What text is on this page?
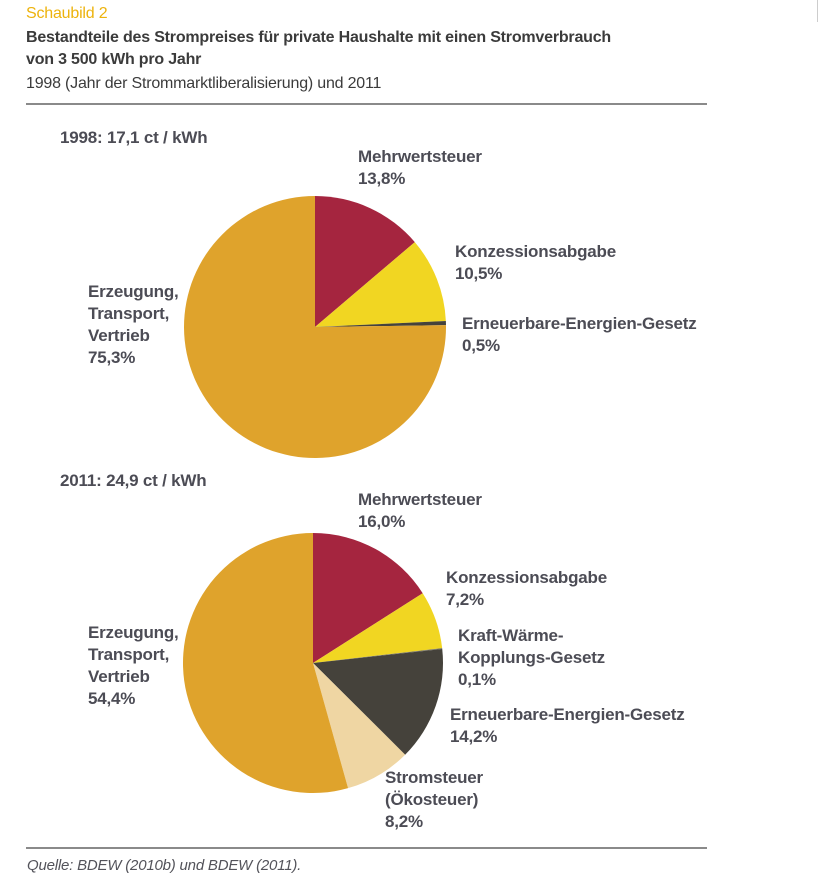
Schaubild 2
Bestandteile des Strompreises für private Haushalte mit einen Stromverbrauch
von 3 500 kWh pro Jahr
1998 (Jahr der Strommarktliberalisierung) und 2011
1998: 17,1 ct / kWh
Mehrwertsteuer
13,8%
Konzessionsabgabe
10,5%
Erneuerbare-Energien-Gesetz
0,5%
Erzeugung,
Transport,
Vertrieb
75,3%
2011: 24,9 ct / kWh
Mehrwertsteuer
16,0%
Konzessionsabgabe
7,2%
Kraft-Wärme-
Kopplungs-Gesetz
0,1%
Erneuerbare-Energien-Gesetz
14,2%
Stromsteuer
(Ökosteuer)
8,2%
Erzeugung,
Transport,
Vertrieb
54,4%
Quelle: BDEW (2010b) und BDEW (2011).
